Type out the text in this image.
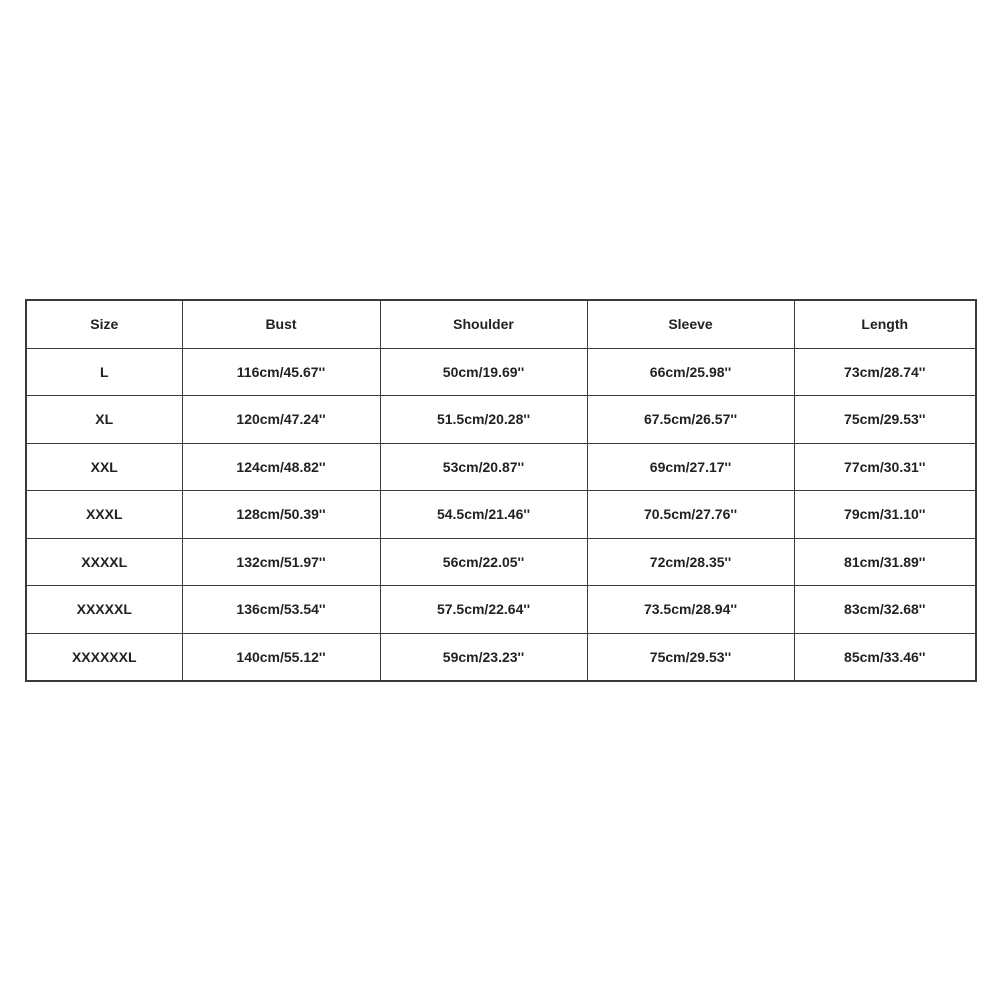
Size	Bust	Shoulder	Sleeve	Length
L	116cm/45.67''	50cm/19.69''	66cm/25.98''	73cm/28.74''
XL	120cm/47.24''	51.5cm/20.28''	67.5cm/26.57''	75cm/29.53''
XXL	124cm/48.82''	53cm/20.87''	69cm/27.17''	77cm/30.31''
XXXL	128cm/50.39''	54.5cm/21.46''	70.5cm/27.76''	79cm/31.10''
XXXXL	132cm/51.97''	56cm/22.05''	72cm/28.35''	81cm/31.89''
XXXXXL	136cm/53.54''	57.5cm/22.64''	73.5cm/28.94''	83cm/32.68''
XXXXXXL	140cm/55.12''	59cm/23.23''	75cm/29.53''	85cm/33.46''
